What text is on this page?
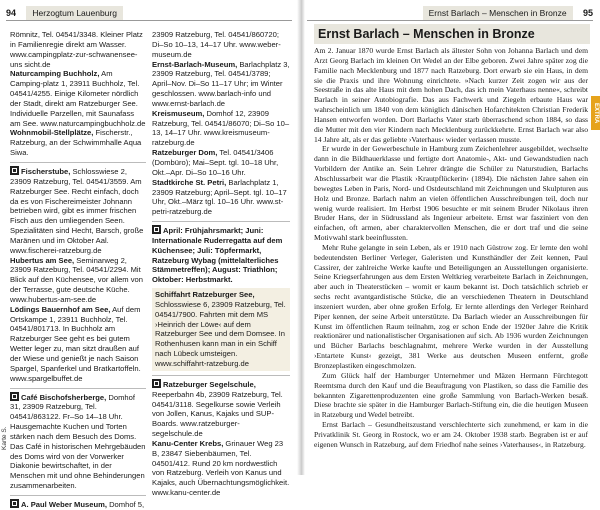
94 Herzogtum Lauenburg

Römnitz, Tel. 04541/3348. Kleiner Platz in Familienregie direkt am Wasser. www.campingplatz-zur-schwanensee-uns sicht.de

Naturcamping Buchholz, Am Camping-platz 1, 23911 Buchholz, Tel. 04541/4255. Einige Kilometer nördlich der Stadt, direkt am Ratzeburger See. Individuelle Parzellen, mit Saunafass am See. www.naturcampingbuchholz.de

Wohnmobil-Stellplätze, Fischerstr., Ratzeburg, an der Schwimmhalle Aqua Siwa.

Fischerstube, Schlosswiese 2, 23909 Ratzeburg, Tel. 04541/3559. Am Ratzeburger See. Recht einfach, doch da es von Fischereimeister Johnann betrieben wird, gibt es immer frischen Fisch aus den umliegenden Seen. Spezialitäten sind Hecht, Barsch, große Maränen und im Oktober Aal. www.fischerei-ratzeburg.de

Hubertus am See, Seminarweg 2, 23909 Ratzeburg, Tel. 04541/2294. Mit Blick auf den Küchensee, vor allem von der Terrasse, gute deutsche Küche. www.hubertus-am-see.de

Lödings Bauernhof am See, Auf dem Ortskampe 1, 23911 Buchholz, Tel. 04541/801713. In Buchholz am Ratzeburger See geht es bei gutem Wetter leger zu, man sitzt draußen auf der Wiese und genießt je nach Saison Spargel, Spanferkel und Bratkartoffeln. www.spargelbuffet.de

Café Bischofsherberge, Domhof 31, 23909 Ratzeburg, Tel. 04541/863122. Fr–So 14–18 Uhr. Hausgemachte Kuchen und Torten stärken nach dem Besuch des Doms. Das Café in historischen Mehrgebäuden des Doms wird von der Vorwerker Diakonie bewirtschaftet, in der Menschen mit und ohne Behinderungen zusammenarbeiten.

A. Paul Weber Museum, Domhof 5,

Karte S.

23909 Ratzeburg, Tel. 04541/860720; Di–So 10–13, 14–17 Uhr. www.weber-museum.de

Ernst-Barlach-Museum, Barlachplatz 3, 23909 Ratzeburg, Tel. 04541/3789; April–Nov. Di–So 11–17 Uhr; im Winter geschlossen. www.barlach-info und www.ernst-barlach.de

Kreismuseum, Domhof 12, 23909 Ratzeburg, Tel. 04541/86070; Di–So 10–13, 14–17 Uhr. www.kreismuseum-ratzeburg.de

Ratzeburger Dom, Tel. 04541/3406 (Dombüro); Mai–Sept. tgl. 10–18 Uhr, Okt.–Apr. Di–So 10–16 Uhr.

Stadtkirche St. Petri, Barlachplatz 1, 23909 Ratzeburg; April–Sept. tgl. 10–17 Uhr, Okt.–März tgl. 10–16 Uhr. www.st-petri-ratzeburg.de

April: Frühjahrsmarkt; Juni: Internationale Ruderregatta auf dem Küchensee; Juli: Töpfermarkt, Ratzeburg Wybag (mittelalterliches Stämmetreffen); August: Triathlon; Oktober: Herbstmarkt.

Schiffahrt Ratzeburger See, Schlosswiese 6, 23909 Ratzeburg, Tel. 04541/7900. Fahrten mit dem MS ›Heinrich der Löwe‹ auf dem Ratzeburger See und dem Domsee. In Rothenhusen kann man in ein Schiff nach Lübeck umsteigen. www.schiffahrt-ratzeburg.de

Ratzeburger Segelschule, Reeperbahn 4b, 23909 Ratzeburg, Tel. 04541/3118. Segelkurse sowie Verleih von Jollen, Kanus, Kajaks und SUP-Boards. www.ratzeburger-segelschule.de

Kanu-Center Krebs, Grinauer Weg 23 B, 23847 Siebenbäumen, Tel. 04501/412. Rund 20 km nordwestlich von Ratzeburg. Verleih von Kanus und Kajaks, auch Übernachtungsmöglichkeit. www.kanu-center.de

Ernst Barlach – Menschen in Bronze 95
Ernst Barlach – Menschen in Bronze
EXTRA

Am 2. Januar 1870 wurde Ernst Barlach als ältester Sohn von Johanna Barlach und dem Arzt Georg Barlach im kleinen Ort Wedel an der Elbe geboren. Zwei Jahre später zog die Familie nach Mecklenburg und 1877 nach Ratzeburg. Dort erwarb sie ein Haus, in dem sie die Praxis und ihre Wohnung einrichtete. »Nach kurzer Zeit zogen wir aus der Seestraße in das alte Haus mit dem hohen Dach, das ich mein Vaterhaus nenne«, schreibt Barlach in seiner Autobiografie. Das aus Fachwerk und Ziegeln erbaute Haus war wahrscheinlich um 1840 von dem königlich dänischen Hofarchitekten Christian Frederik Hansen entworfen worden. Dort Barlachs Vater starb überraschend schon 1884, so dass die Mutter mit den vier Kindern nach Mecklenburg zurückkehrte. Ernst Barlach war also 14 Jahre alt, als er das geliebte ›Vaterhaus‹ wieder verlassen musste.

Er wurde in der Gewerbeschule in Hamburg zum Zeichenlehrer ausgebildet, wechselte dann in die Bildhauerklasse und fertigte dort Anatomie-, Akt- und Gewandstudien nach Vorbildern der Antike an. Sein Lehrer drängte die Schüler zu Naturstudien, Barlachs Abschlussarbeit war die Plastik ›Krautpflückerin‹ (1894). Die nächsten Jahre sahen ein bewegtes Leben in Paris, Nord- und Ostdeutschland mit Zeichnungen und Skulpturen aus Holz und Bronze. Barlach nahm an vielen öffentlichen Ausschreibungen teil, doch nur wenig wurde realisiert. Im Herbst 1906 besuchte er mit seinem Bruder Nikolaus ihren Bruder Hans, der in Südrussland als Ingenieur arbeitete. Ernst war fasziniert von den einfachen, oft armen, aber charaktervollen Menschen, die er dort traf und die seine Motivwahl stark beeinflussten.

Mehr Ruhe gelangte in sein Leben, als er 1910 nach Güstrow zog. Er lernte den wohl bedeutendsten Berliner Verleger, Galeristen und Kunsthändler der Zeit kennen, Paul Cassirer, der zahlreiche Werke kaufte und Beteiligungen an Ausstellungen organisierte. Seine Kriegserfahrungen aus dem Ersten Weltkrieg verarbeitete Barlach in Zeichnungen, aber auch in Theaterstücken – womit er kaum bekannt ist. Doch tatsächlich schrieb er sechs recht avantgardistische Stücke, die an verschiedenen Theatern in Deutschland inszeniert wurden, aber ohne großen Erfolg. Er lernte allerdings den Verleger Reinhard Piper kennen, der seine Arbeit unterstützte. Da Barlach wieder an Ausschreibungen für Kunst im öffentlichen Raum teilnahm, zog er schon Ende der 1920er Jahre die Kritik reaktionärer und nationalistischer Organisationen auf sich. Ab 1936 wurden Zeichnungen und Bücher Barlachs beschlagnahmt, mehrere Werke wurden in der Ausstellung ›Entartete Kunst‹ gezeigt, 381 Werke aus deutschen Museen entfernt, große Bronzeplastiken eingeschmolzen.

Zum Glück half der Hamburger Unternehmer und Mäzen Hermann Fürchtegott Reemtsma durch den Kauf und die Beauftragung von Plastiken, so dass die Familie des bekannten Zigarettenproduzenten eine große Sammlung von Barlach-Werken besaß. Diese brachte sie später in die Hamburger Barlach-Stiftung ein, die die heutigen Museen in Ratzeburg und Wedel betreibt.

Ernst Barlach – Gesundheitszustand verschlechterte sich zunehmend, er kam in die Privatklinik St. Georg in Rostock, wo er am 24. Oktober 1938 starb. Begraben ist er auf eigenen Wunsch in Ratzeburg, auf dem Friedhof nahe seines ›Vaterhauses‹, in Ratzeburg.
